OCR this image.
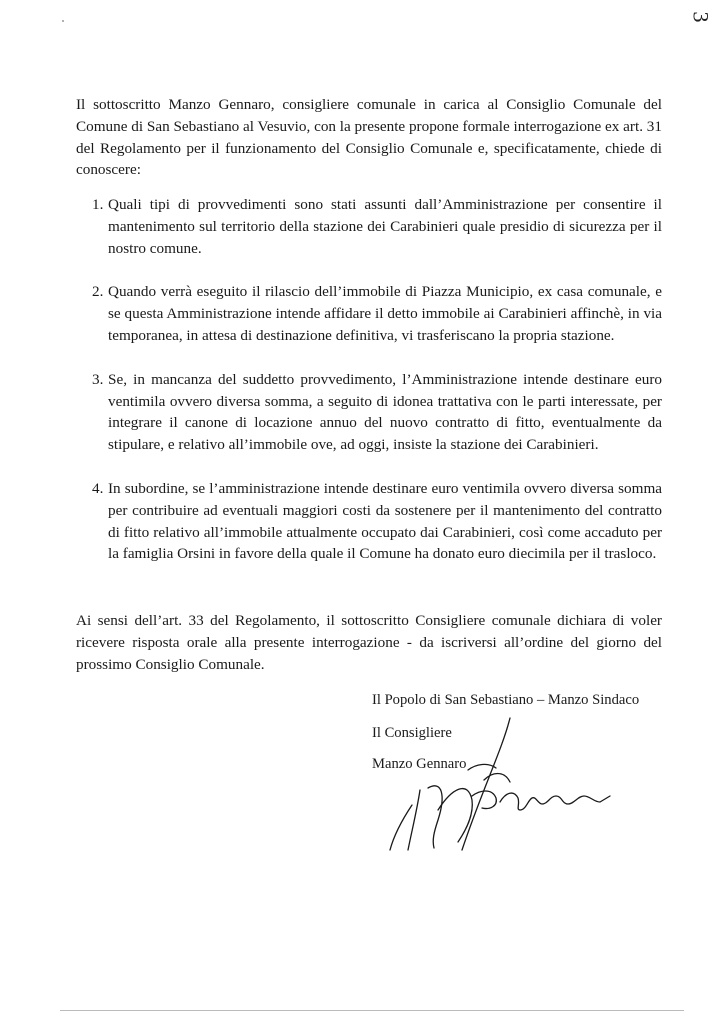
3

Il sottoscritto Manzo Gennaro, consigliere comunale in carica al Consiglio Comunale del Comune di San Sebastiano al Vesuvio, con la presente propone formale interrogazione ex art. 31 del Regolamento per il funzionamento del Consiglio Comunale e, specificatamente, chiede di conoscere:

1. Quali tipi di provvedimenti sono stati assunti dall’Amministrazione per consentire il mantenimento sul territorio della stazione dei Carabinieri quale presidio di sicurezza per il nostro comune.
2. Quando verrà eseguito il rilascio dell’immobile di Piazza Municipio, ex casa comunale, e se questa Amministrazione intende affidare il detto immobile ai Carabinieri affinchè, in via temporanea, in attesa di destinazione definitiva, vi trasferiscano la propria stazione.
3. Se, in mancanza del suddetto provvedimento, l’Amministrazione intende destinare euro ventimila ovvero diversa somma, a seguito di idonea trattativa con le parti interessate, per integrare il canone di locazione annuo del nuovo contratto di fitto, eventualmente da stipulare, e relativo all’immobile ove, ad oggi, insiste la stazione dei Carabinieri.
4. In subordine, se l’amministrazione intende destinare euro ventimila ovvero diversa somma per contribuire ad eventuali maggiori costi da sostenere per il mantenimento del contratto di fitto relativo all’immobile attualmente occupato dai Carabinieri, così come accaduto per la famiglia Orsini in favore della quale il Comune ha donato euro diecimila per il trasloco.

Ai sensi dell’art. 33 del Regolamento, il sottoscritto Consigliere comunale dichiara di voler ricevere risposta orale alla presente interrogazione - da iscriversi all’ordine del giorno del prossimo Consiglio Comunale.

Il Popolo di San Sebastiano – Manzo Sindaco
Il Consigliere
Manzo Gennaro
